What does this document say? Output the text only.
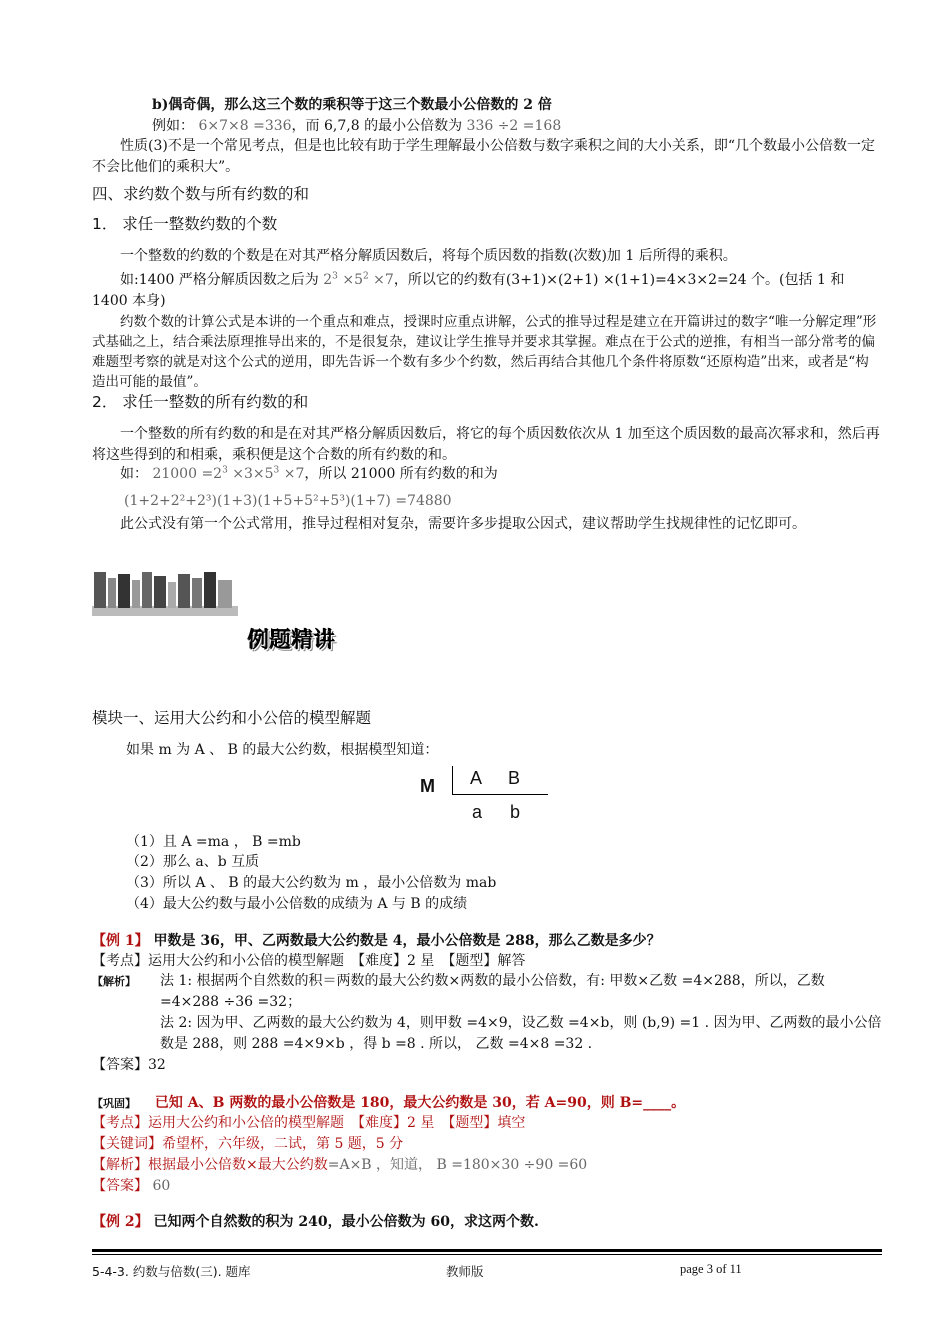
b)偶奇偶，那么这三个数的乘积等于这三个数最小公倍数的 2 倍
例如： 6×7×8 =336，而 6,7,8 的最小公倍数为 336 ÷2 =168
性质(3)不是一个常见考点，但是也比较有助于学生理解最小公倍数与数字乘积之间的大小关系，即“几个数最小公倍数一定不会比他们的乘积大”。
四、求约数个数与所有约数的和
1． 求任一整数约数的个数
一个整数的约数的个数是在对其严格分解质因数后，将每个质因数的指数(次数)加 1 后所得的乘积。
如:1400 严格分解质因数之后为 $2^3 \times 5^2 \times 7$，所以它的约数有(3+1)×(2+1) ×(1+1)=4×3×2=24 个。(包括 1 和 1400 本身)
约数个数的计算公式是本讲的一个重点和难点，授课时应重点讲解，公式的推导过程是建立在开篇讲过的数字“唯一分解定理”形式基础之上，结合乘法原理推导出来的，不是很复杂，建议让学生推导并要求其掌握。难点在于公式的逆推，有相当一部分常考的偏难题型考察的就是对这个公式的逆用，即先告诉一个数有多少个约数，然后再结合其他几个条件将原数“还原构造”出来，或者是“构造出可能的最值”。
2． 求任一整数的所有约数的和
一个整数的所有约数的和是在对其严格分解质因数后，将它的每个质因数依次从 1 加至这个质因数的最高次幂求和，然后再将这些得到的和相乘，乘积便是这个合数的所有约数的和。
如： $21000 =2^3 \times 3\times 5^3 \times 7$，所以 21000 所有约数的和为
(1+2+2²+2³)(1+3)(1+5+5²+5³)(1+7) =74880
此公式没有第一个公式常用，推导过程相对复杂，需要许多步提取公因式，建议帮助学生找规律性的记忆即可。
例题精讲
模块一、运用大公约和小公倍的模型解题
如果 m 为 A 、 B 的最大公约数，根据模型知道：
M A B
a b
（1）且 A =ma ， B =mb
（2）那么 a、b 互质
（3）所以 A 、 B 的最大公约数为 m ，最小公倍数为 mab
（4）最大公约数与最小公倍数的成绩为 A 与 B 的成绩
【例 1】 甲数是 36，甲、乙两数最大公约数是 4，最小公倍数是 288，那么乙数是多少？
【考点】运用大公约和小公倍的模型解题　【难度】2 星　【题型】解答
【解析】	法 1: 根据两个自然数的积＝两数的最大公约数×两数的最小公倍数，有: 甲数×乙数 =4×288，所以，乙数 =4×288 ÷36 =32；
法 2: 因为甲、乙两数的最大公约数为 4，则甲数 =4×9，设乙数 =4×b，则 (b,9) =1 . 因为甲、乙两数的最小公倍数是 288，则 288 =4×9×b ，得 b =8 . 所以， 乙数 =4×8 =32 .
【答案】32
【巩固】 已知 A、B 两数的最小公倍数是 180，最大公约数是 30，若 A=90，则 B=____。
【考点】运用大公约和小公倍的模型解题　【难度】2 星　【题型】填空
【关键词】希望杯，六年级，二试，第 5 题，5 分
【解析】根据最小公倍数×最大公约数=A×B ，知道， B =180×30 ÷90 =60
【答案】 60
【例 2】 已知两个自然数的积为 240，最小公倍数为 60，求这两个数.
5-4-3. 约数与倍数(三). 题库	教师版	page 3 of 11
